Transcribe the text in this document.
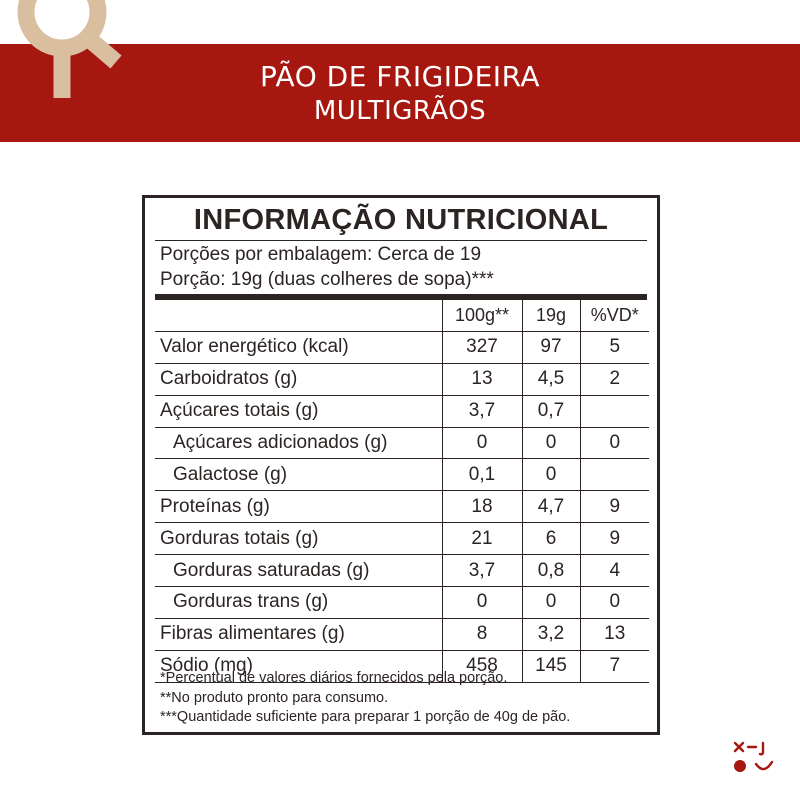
PÃO DE FRIGIDEIRA
MULTIGRÃOS
INFORMAÇÃO NUTRICIONAL
Porções por embalagem: Cerca de 19
Porção: 19g (duas colheres de sopa)***
	100g**	19g	%VD*
Valor energético (kcal)	327	97	5
Carboidratos (g)	13	4,5	2
Açúcares totais (g)	3,7	0,7	
Açúcares adicionados (g)	0	0	0
Galactose (g)	0,1	0	
Proteínas (g)	18	4,7	9
Gorduras totais (g)	21	6	9
Gorduras saturadas (g)	3,7	0,8	4
Gorduras trans (g)	0	0	0
Fibras alimentares (g)	8	3,2	13
Sódio (mg)	458	145	7
*Percentual de valores diários fornecidos pela porção.
**No produto pronto para consumo.
***Quantidade suficiente para preparar 1 porção de 40g de pão.
